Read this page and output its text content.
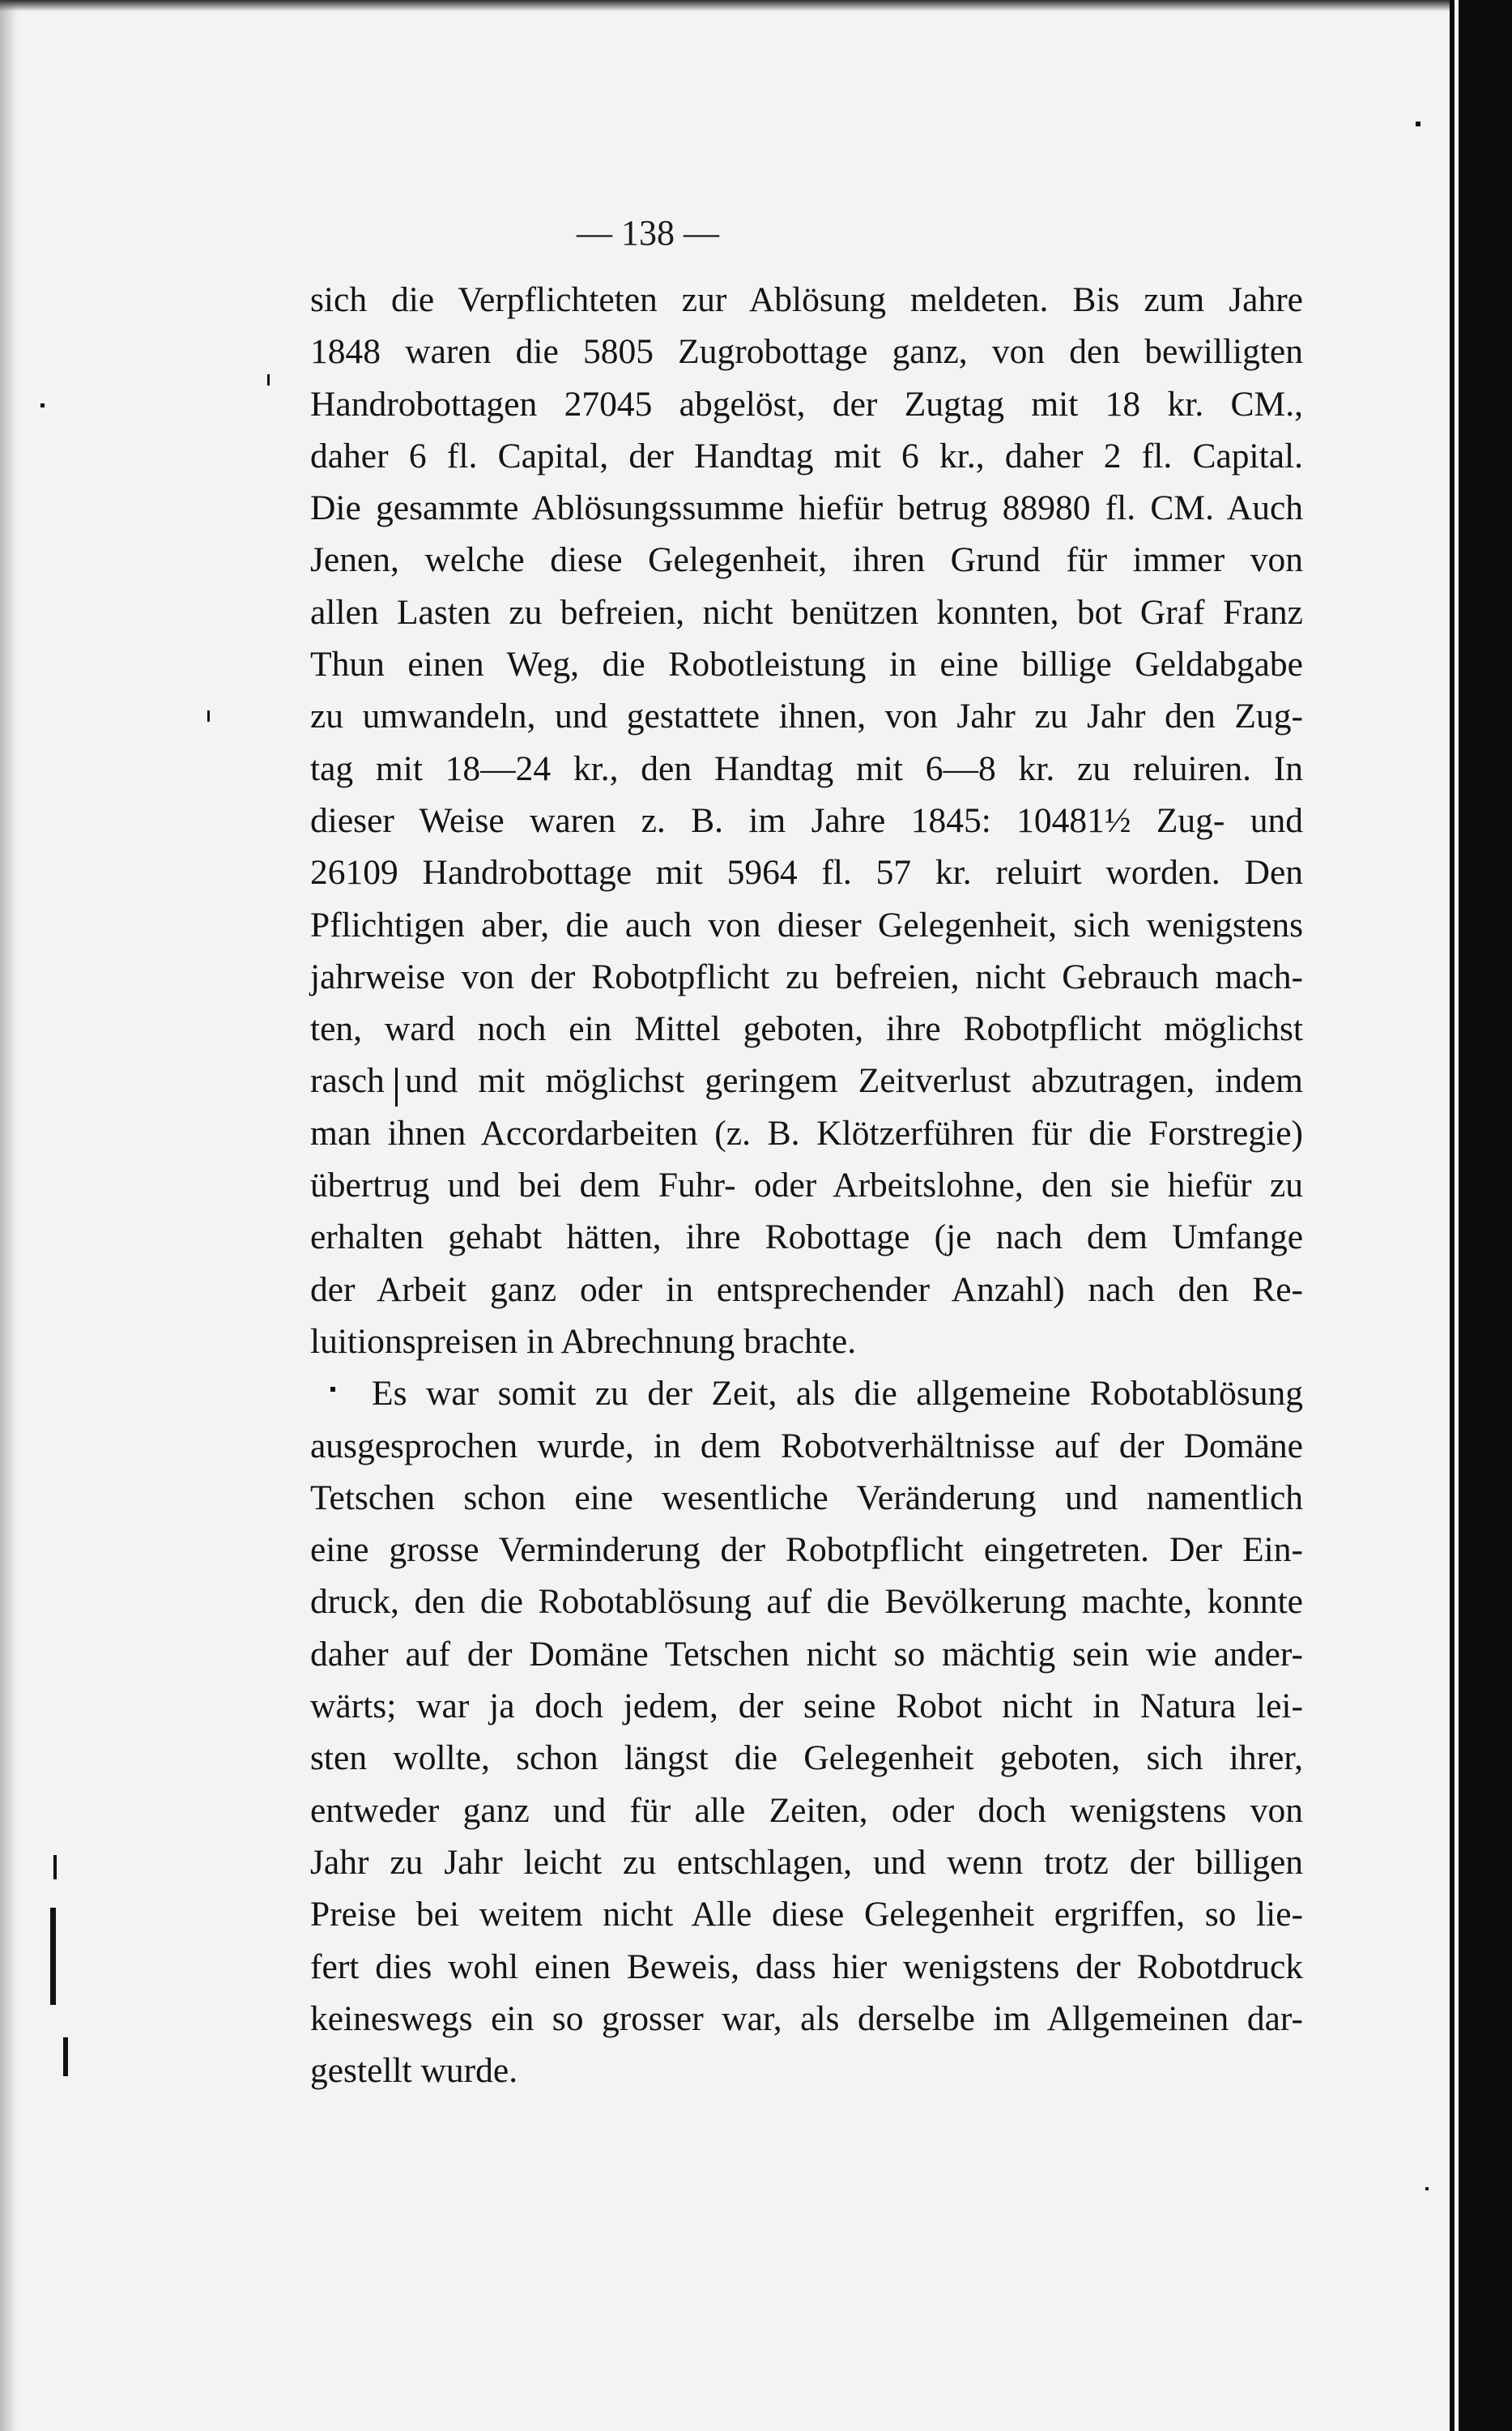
— 138 —
sich die Verpflichteten zur Ablösung meldeten. Bis zum Jahre
1848 waren die 5805 Zugrobottage ganz, von den bewilligten
Handrobottagen 27045 abgelöst, der Zugtag mit 18 kr. CM.,
daher 6 fl. Capital, der Handtag mit 6 kr., daher 2 fl. Capital.
Die gesammte Ablösungssumme hiefür betrug 88980 fl. CM. Auch
Jenen, welche diese Gelegenheit, ihren Grund für immer von
allen Lasten zu befreien, nicht benützen konnten, bot Graf Franz
Thun einen Weg, die Robotleistung in eine billige Geldabgabe
zu umwandeln, und gestattete ihnen, von Jahr zu Jahr den Zug-
tag mit 18—24 kr., den Handtag mit 6—8 kr. zu reluiren. In
dieser Weise waren z. B. im Jahre 1845: 10481½ Zug- und
26109 Handrobottage mit 5964 fl. 57 kr. reluirt worden. Den
Pflichtigen aber, die auch von dieser Gelegenheit, sich wenigstens
jahrweise von der Robotpflicht zu befreien, nicht Gebrauch mach-
ten, ward noch ein Mittel geboten, ihre Robotpflicht möglichst
rasch und mit möglichst geringem Zeitverlust abzutragen, indem
man ihnen Accordarbeiten (z. B. Klötzerführen für die Forstregie)
übertrug und bei dem Fuhr- oder Arbeitslohne, den sie hiefür zu
erhalten gehabt hätten, ihre Robottage (je nach dem Umfange
der Arbeit ganz oder in entsprechender Anzahl) nach den Re-
luitionspreisen in Abrechnung brachte.
Es war somit zu der Zeit, als die allgemeine Robotablösung
ausgesprochen wurde, in dem Robotverhältnisse auf der Domäne
Tetschen schon eine wesentliche Veränderung und namentlich
eine grosse Verminderung der Robotpflicht eingetreten. Der Ein-
druck, den die Robotablösung auf die Bevölkerung machte, konnte
daher auf der Domäne Tetschen nicht so mächtig sein wie ander-
wärts; war ja doch jedem, der seine Robot nicht in Natura lei-
sten wollte, schon längst die Gelegenheit geboten, sich ihrer,
entweder ganz und für alle Zeiten, oder doch wenigstens von
Jahr zu Jahr leicht zu entschlagen, und wenn trotz der billigen
Preise bei weitem nicht Alle diese Gelegenheit ergriffen, so lie-
fert dies wohl einen Beweis, dass hier wenigstens der Robotdruck
keineswegs ein so grosser war, als derselbe im Allgemeinen dar-
gestellt wurde.
